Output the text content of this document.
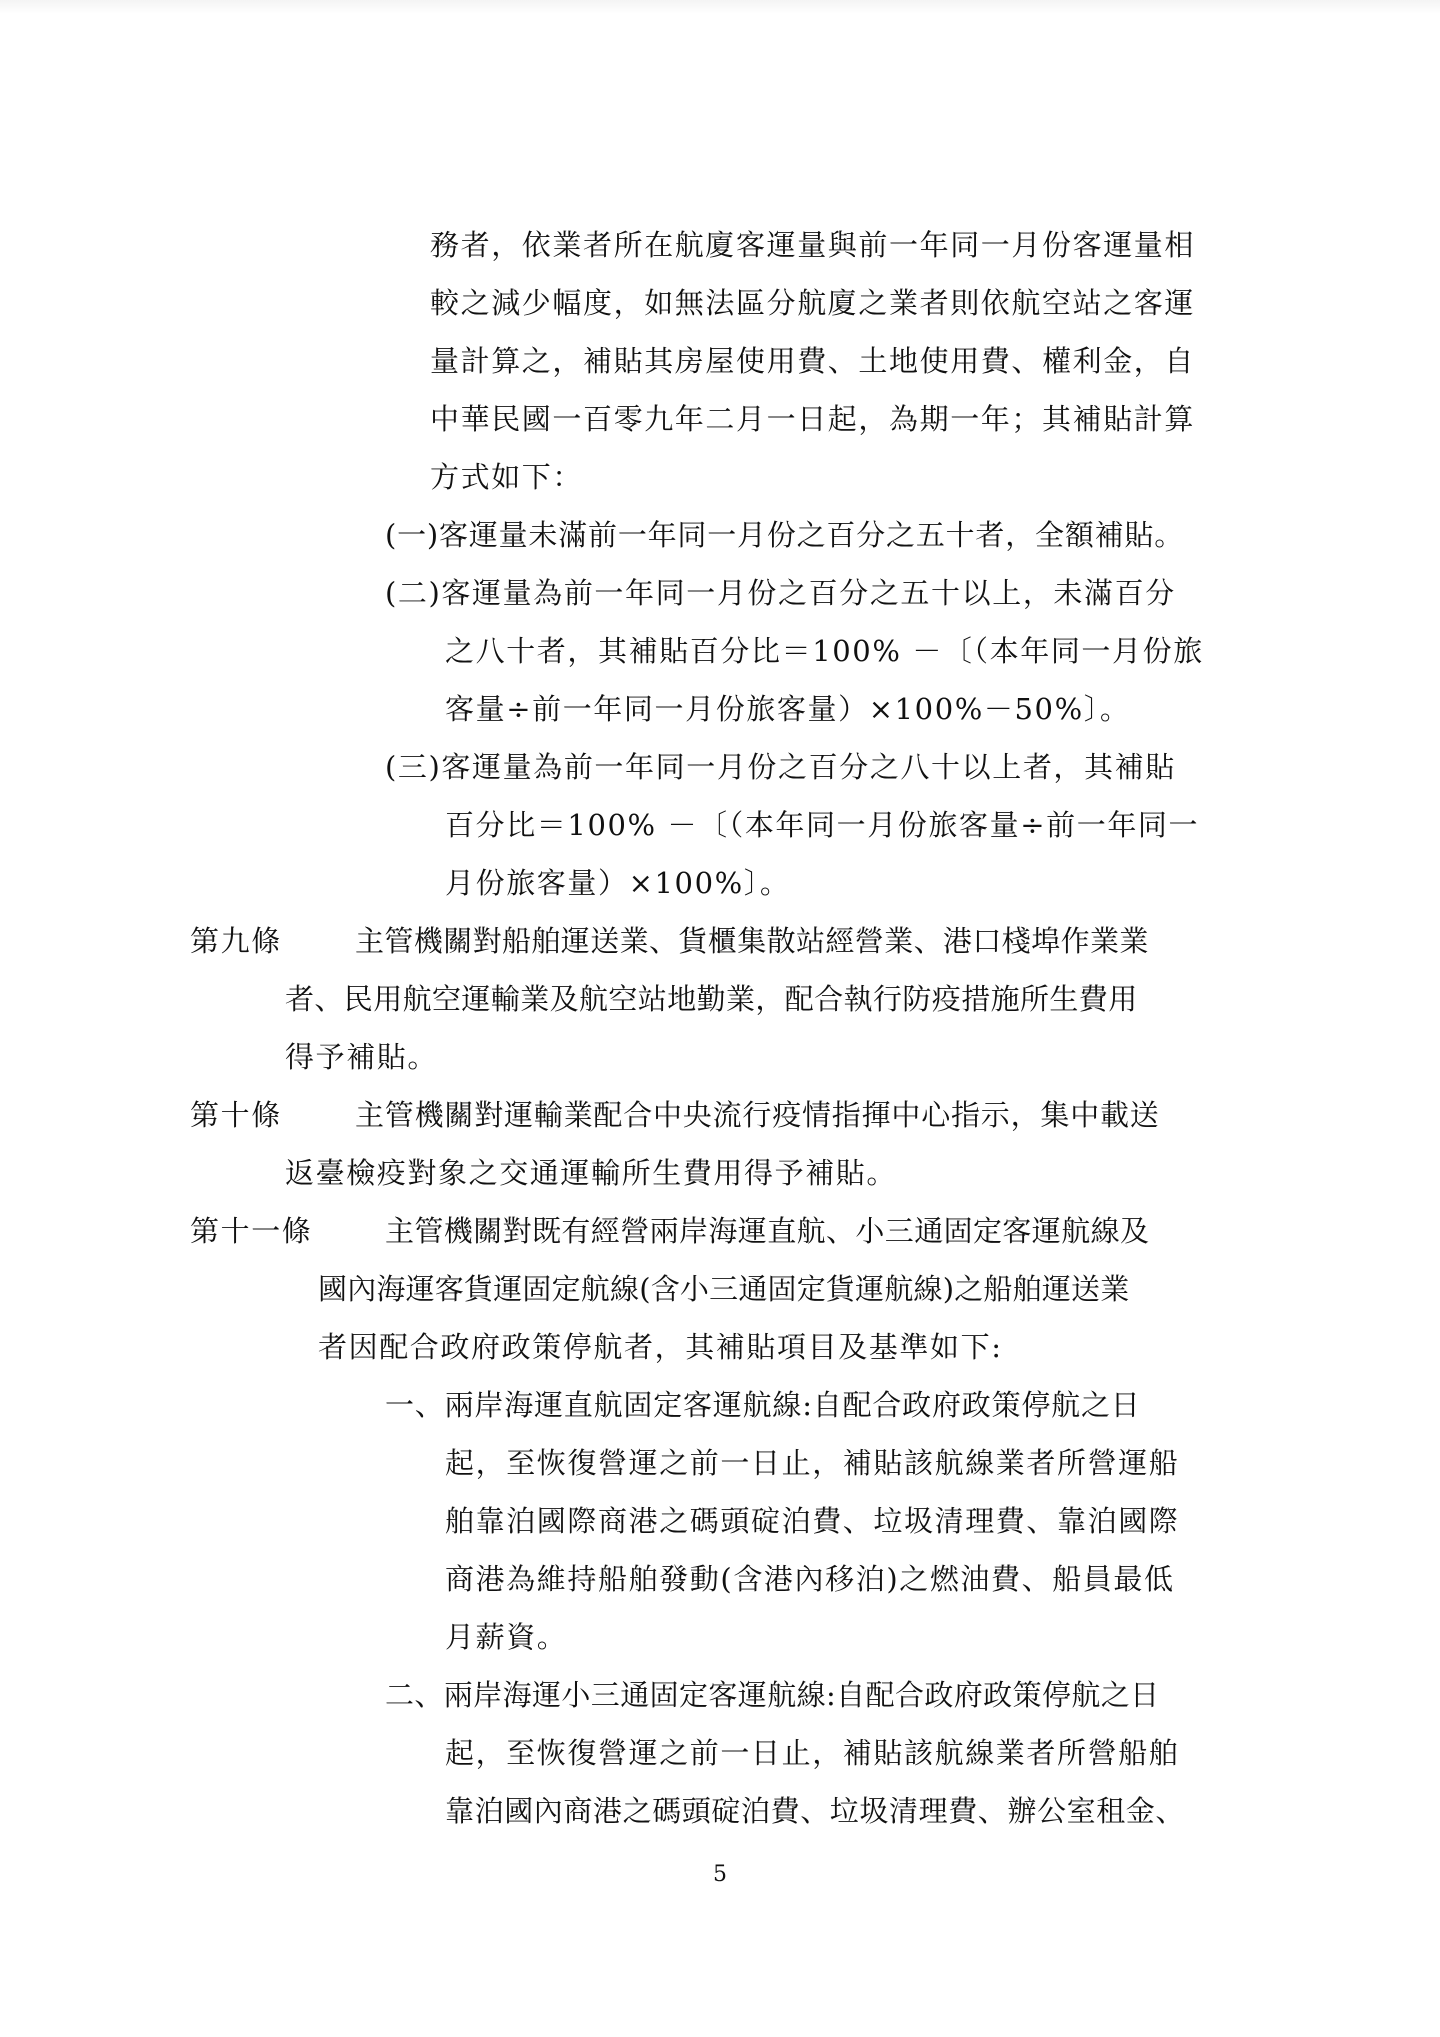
務者，依業者所在航廈客運量與前一年同一月份客運量相
較之減少幅度，如無法區分航廈之業者則依航空站之客運
量計算之，補貼其房屋使用費、土地使用費、權利金，自
中華民國一百零九年二月一日起，為期一年；其補貼計算
方式如下：
(一)客運量未滿前一年同一月份之百分之五十者，全額補貼。
(二)客運量為前一年同一月份之百分之五十以上，未滿百分
之八十者，其補貼百分比＝100% －〔（本年同一月份旅
客量÷前一年同一月份旅客量）×100%－50%〕。
(三)客運量為前一年同一月份之百分之八十以上者，其補貼
百分比＝100% －〔（本年同一月份旅客量÷前一年同一
月份旅客量）×100%〕。
第九條	主管機關對船舶運送業、貨櫃集散站經營業、港口棧埠作業業
者、民用航空運輸業及航空站地勤業，配合執行防疫措施所生費用
得予補貼。
第十條	主管機關對運輸業配合中央流行疫情指揮中心指示，集中載送
返臺檢疫對象之交通運輸所生費用得予補貼。
第十一條	主管機關對既有經營兩岸海運直航、小三通固定客運航線及
國內海運客貨運固定航線(含小三通固定貨運航線)之船舶運送業
者因配合政府政策停航者，其補貼項目及基準如下:
一、兩岸海運直航固定客運航線:自配合政府政策停航之日
起，至恢復營運之前一日止，補貼該航線業者所營運船
舶靠泊國際商港之碼頭碇泊費、垃圾清理費、靠泊國際
商港為維持船舶發動(含港內移泊)之燃油費、船員最低
月薪資。
二、兩岸海運小三通固定客運航線:自配合政府政策停航之日
起，至恢復營運之前一日止，補貼該航線業者所營船舶
靠泊國內商港之碼頭碇泊費、垃圾清理費、辦公室租金、
5
